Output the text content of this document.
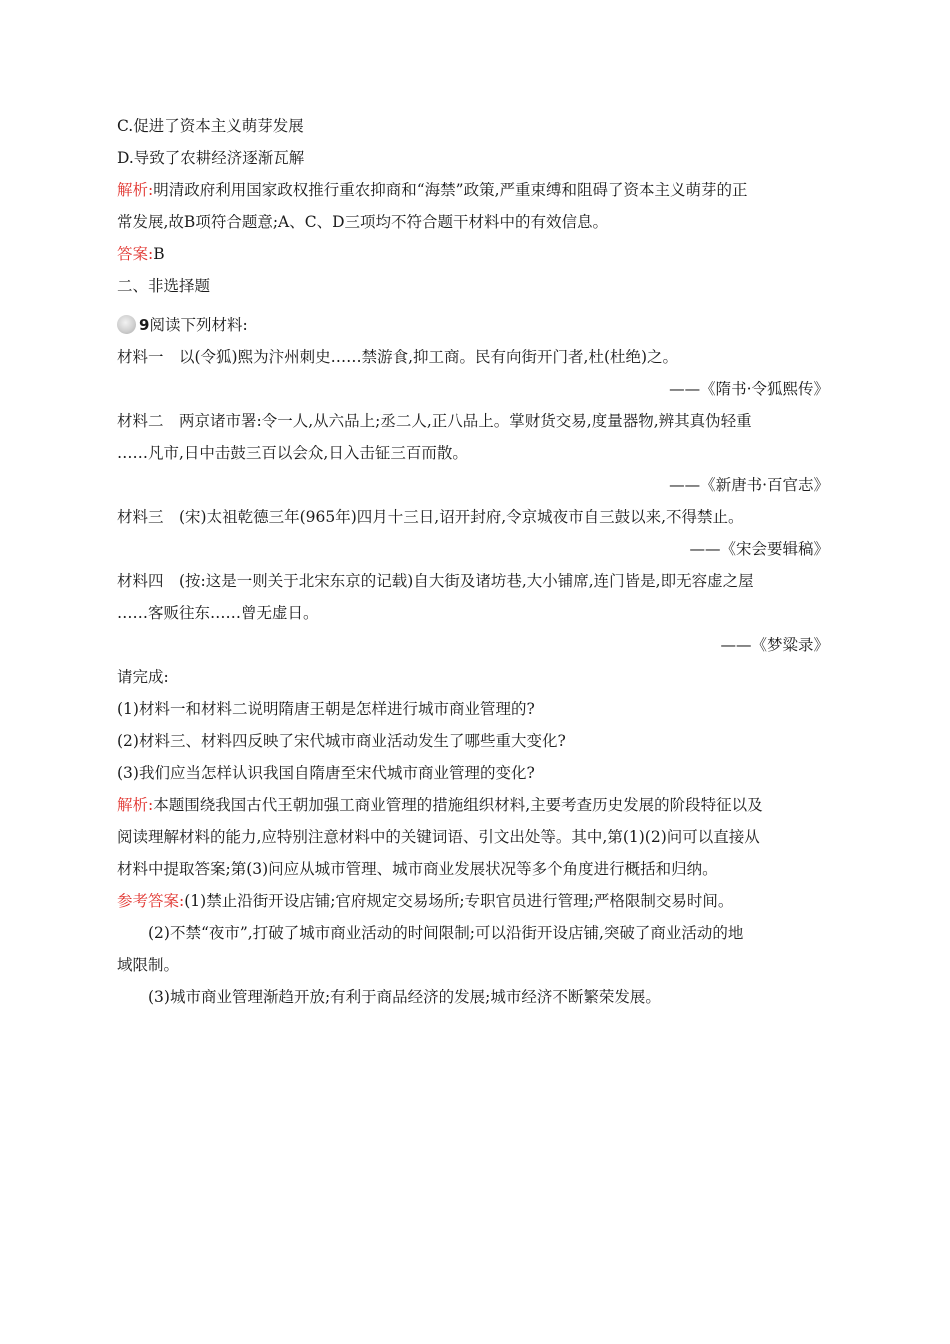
C.促进了资本主义萌芽发展
D.导致了农耕经济逐渐瓦解
解析:明清政府利用国家政权推行重农抑商和“海禁”政策,严重束缚和阻碍了资本主义萌芽的正
常发展,故B项符合题意;A、C、D三项均不符合题干材料中的有效信息。
答案:B
二、非选择题
9阅读下列材料:
材料一　以(令狐)熙为汴州刺史……禁游食,抑工商。民有向街开门者,杜(杜绝)之。
——《隋书·令狐熙传》
材料二　两京诸市署:令一人,从六品上;丞二人,正八品上。掌财货交易,度量器物,辨其真伪轻重
……凡市,日中击鼓三百以会众,日入击钲三百而散。
——《新唐书·百官志》
材料三　(宋)太祖乾德三年(965年)四月十三日,诏开封府,令京城夜市自三鼓以来,不得禁止。
——《宋会要辑稿》
材料四　(按:这是一则关于北宋东京的记载)自大街及诸坊巷,大小铺席,连门皆是,即无容虚之屋
……客贩往东……曾无虚日。
——《梦粱录》
请完成:
(1)材料一和材料二说明隋唐王朝是怎样进行城市商业管理的?
(2)材料三、材料四反映了宋代城市商业活动发生了哪些重大变化?
(3)我们应当怎样认识我国自隋唐至宋代城市商业管理的变化?
解析:本题围绕我国古代王朝加强工商业管理的措施组织材料,主要考查历史发展的阶段特征以及
阅读理解材料的能力,应特别注意材料中的关键词语、引文出处等。其中,第(1)(2)问可以直接从
材料中提取答案;第(3)问应从城市管理、城市商业发展状况等多个角度进行概括和归纳。
参考答案:(1)禁止沿街开设店铺;官府规定交易场所;专职官员进行管理;严格限制交易时间。
(2)不禁“夜市”,打破了城市商业活动的时间限制;可以沿街开设店铺,突破了商业活动的地
域限制。
(3)城市商业管理渐趋开放;有利于商品经济的发展;城市经济不断繁荣发展。
